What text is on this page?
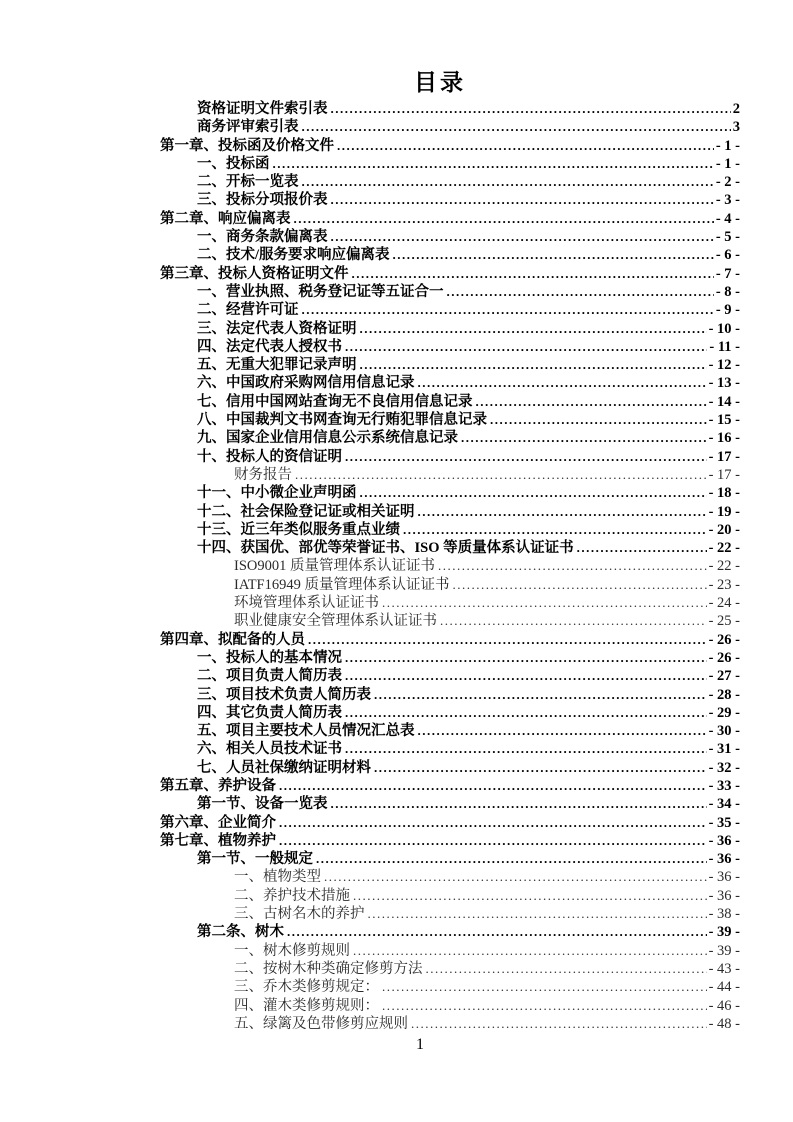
目录
资格证明文件索引表 .....	2
商务评审索引表 .....	3
第一章、投标函及价格文件 .....	- 1 -
一、投标函 .....	- 1 -
二、开标一览表 .....	- 2 -
三、投标分项报价表 .....	- 3 -
第二章、响应偏离表 .....	- 4 -
一、商务条款偏离表 .....	- 5 -
二、技术/服务要求响应偏离表 .....	- 6 -
第三章、投标人资格证明文件 .....	- 7 -
一、营业执照、税务登记证等五证合一 .....	- 8 -
二、经营许可证 .....	- 9 -
三、法定代表人资格证明 .....	- 10 -
四、法定代表人授权书 .....	- 11 -
五、无重大犯罪记录声明 .....	- 12 -
六、中国政府采购网信用信息记录 .....	- 13 -
七、信用中国网站查询无不良信用信息记录 .....	- 14 -
八、中国裁判文书网查询无行贿犯罪信息记录 .....	- 15 -
九、国家企业信用信息公示系统信息记录 .....	- 16 -
十、投标人的资信证明 .....	- 17 -
财务报告 .....	- 17 -
十一、中小微企业声明函 .....	- 18 -
十二、社会保险登记证或相关证明 .....	- 19 -
十三、近三年类似服务重点业绩 .....	- 20 -
十四、获国优、部优等荣誉证书、ISO 等质量体系认证证书 .....	- 22 -
ISO9001 质量管理体系认证证书 .....	- 22 -
IATF16949 质量管理体系认证证书 .....	- 23 -
环境管理体系认证证书 .....	- 24 -
职业健康安全管理体系认证证书 .....	- 25 -
第四章、拟配备的人员 .....	- 26 -
一、投标人的基本情况 .....	- 26 -
二、项目负责人简历表 .....	- 27 -
三、项目技术负责人简历表 .....	- 28 -
四、其它负责人简历表 .....	- 29 -
五、项目主要技术人员情况汇总表 .....	- 30 -
六、相关人员技术证书 .....	- 31 -
七、人员社保缴纳证明材料 .....	- 32 -
第五章、养护设备 .....	- 33 -
第一节、设备一览表 .....	- 34 -
第六章、企业简介 .....	- 35 -
第七章、植物养护 .....	- 36 -
第一节、一般规定 .....	- 36 -
一、植物类型 .....	- 36 -
二、养护技术措施 .....	- 36 -
三、古树名木的养护 .....	- 38 -
第二条、树木 .....	- 39 -
一、树木修剪规则 .....	- 39 -
二、按树木种类确定修剪方法 .....	- 43 -
三、乔木类修剪规定： .....	- 44 -
四、灌木类修剪规则： .....	- 46 -
五、绿篱及色带修剪应规则 .....	- 48 -
1
